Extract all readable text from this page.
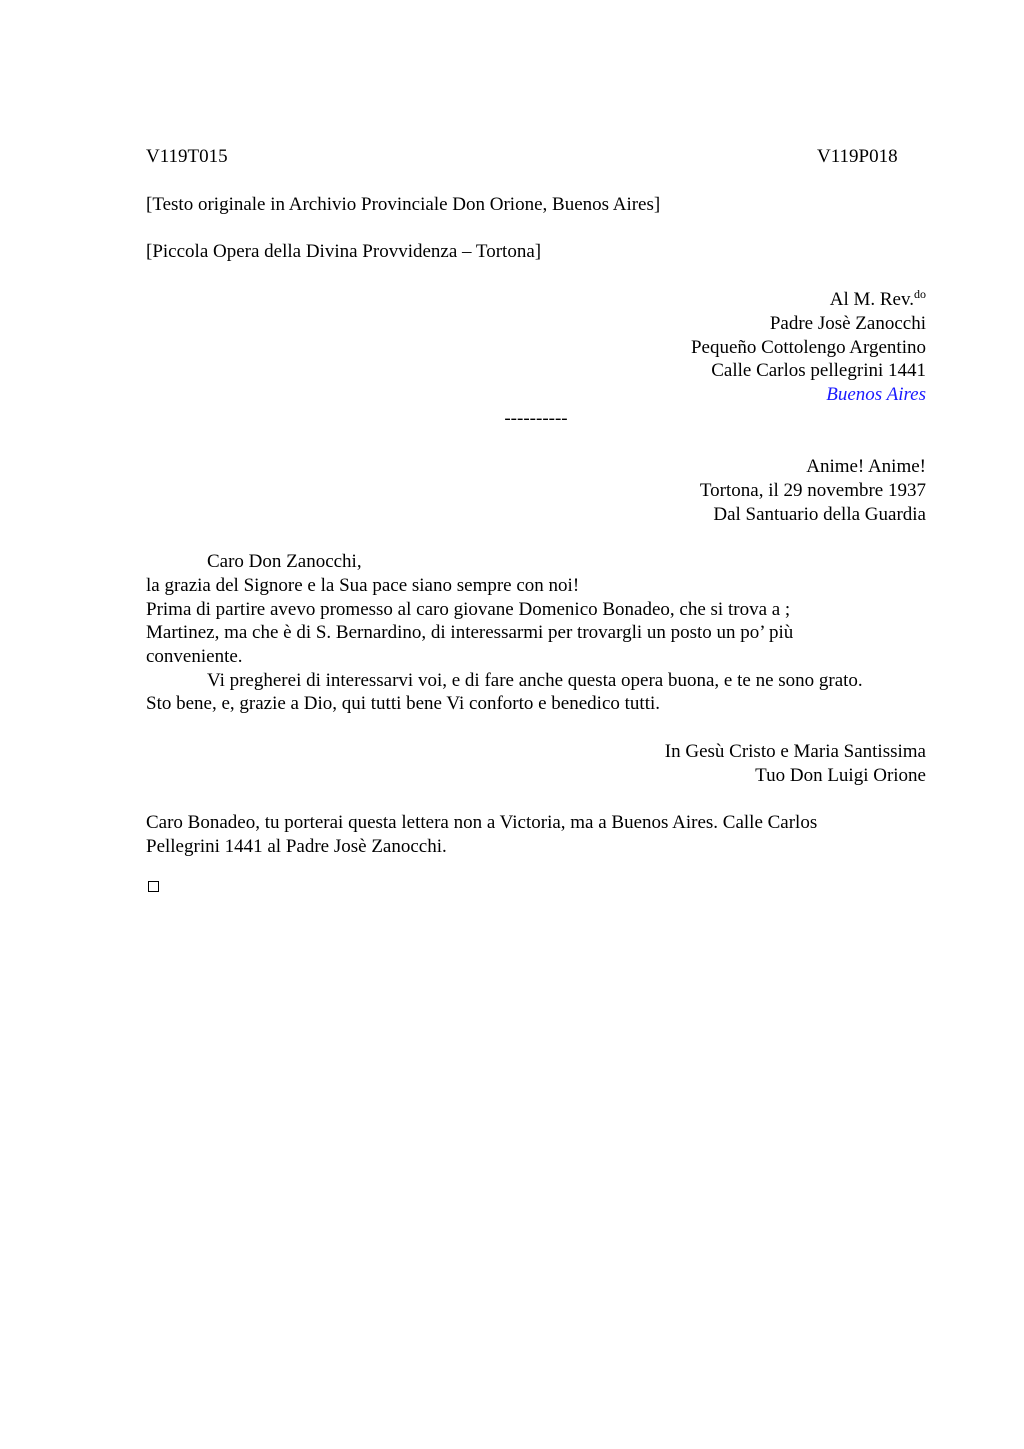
V119T015	V119P018
[Testo originale in Archivio Provinciale Don Orione, Buenos Aires]
[Piccola Opera della Divina Provvidenza – Tortona]
Al M. Rev.$^{do}$
Padre Josè Zanocchi
Pequeño Cottolengo Argentino
Calle Carlos pellegrini 1441
Buenos Aires
----------
Anime! Anime!
Tortona, il 29 novembre 1937
Dal Santuario della Guardia
Caro Don Zanocchi,
la grazia del Signore e la Sua pace siano sempre con noi!
Prima di partire avevo promesso al caro giovane Domenico Bonadeo, che si trova a ;
Martinez, ma che è di S. Bernardino, di interessarmi per trovargli un posto un po’ più
conveniente.
Vi pregherei di interessarvi voi, e di fare anche questa opera buona, e te ne sono grato.
Sto bene, e, grazie a Dio, qui tutti bene Vi conforto e benedico tutti.
In Gesù Cristo e Maria Santissima
Tuo Don Luigi Orione
Caro Bonadeo, tu porterai questa lettera non a Victoria, ma a Buenos Aires. Calle Carlos
Pellegrini 1441 al Padre Josè Zanocchi.
